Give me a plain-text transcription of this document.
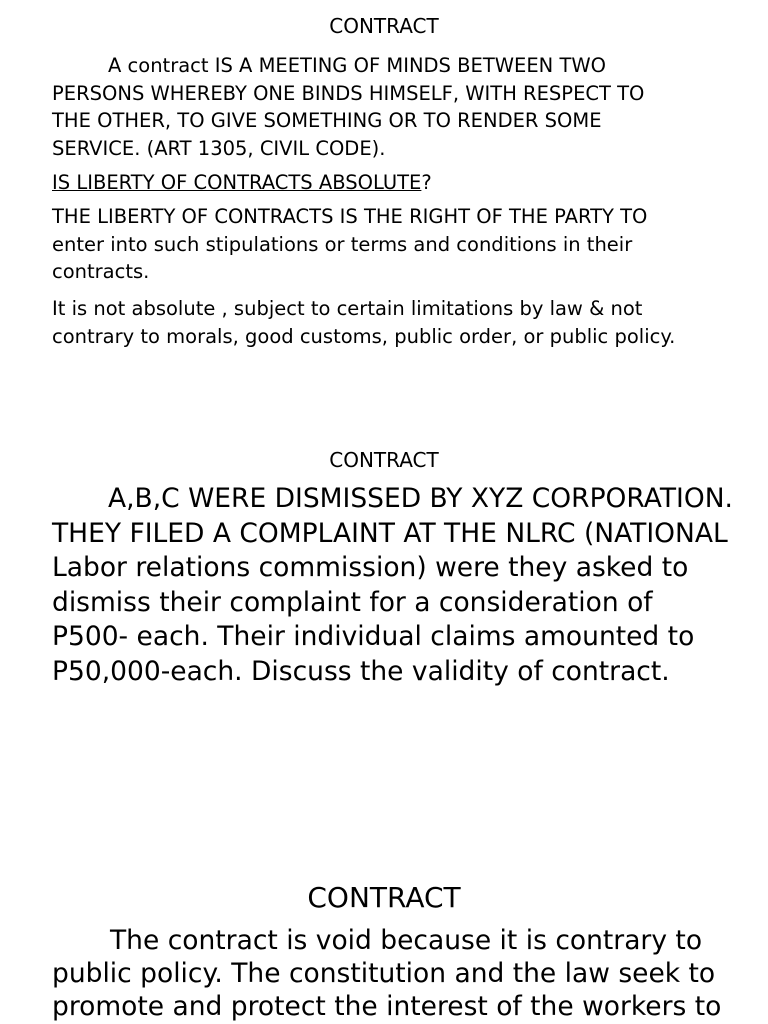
CONTRACT

A contract IS A MEETING OF MINDS BETWEEN TWO
PERSONS WHEREBY ONE BINDS HIMSELF, WITH RESPECT TO
THE OTHER, TO GIVE SOMETHING OR TO RENDER SOME
SERVICE. (ART 1305, CIVIL CODE).

IS LIBERTY OF CONTRACTS ABSOLUTE?

THE LIBERTY OF CONTRACTS IS THE RIGHT OF THE PARTY TO
enter into such stipulations or terms and conditions in their
contracts.

It is not absolute , subject to certain limitations by law & not
contrary to morals, good customs, public order, or public policy.

CONTRACT

A,B,C WERE DISMISSED BY XYZ CORPORATION.
THEY FILED A COMPLAINT AT THE NLRC (NATIONAL
Labor relations commission) were they asked to
dismiss their complaint for a consideration of
P500- each. Their individual claims amounted to
P50,000-each. Discuss the validity of contract.

CONTRACT

The contract is void because it is contrary to
public policy. The constitution and the law seek to
promote and protect the interest of the workers to
